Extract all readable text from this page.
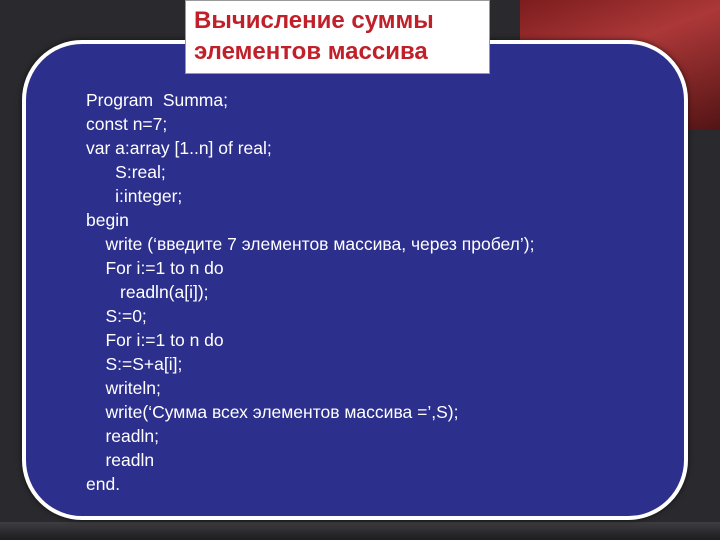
Вычисление суммы
элементов массива
Program  Summa;
const n=7;
var a:array [1..n] of real;
S:real;
i:integer;
begin
write (‘введите 7 элементов массива, через пробел’);
For i:=1 to n do
readln(a[i]);
S:=0;
For i:=1 to n do
S:=S+a[i];
writeln;
write(‘Сумма всех элементов массива =’,S);
readln;
readln
end.
